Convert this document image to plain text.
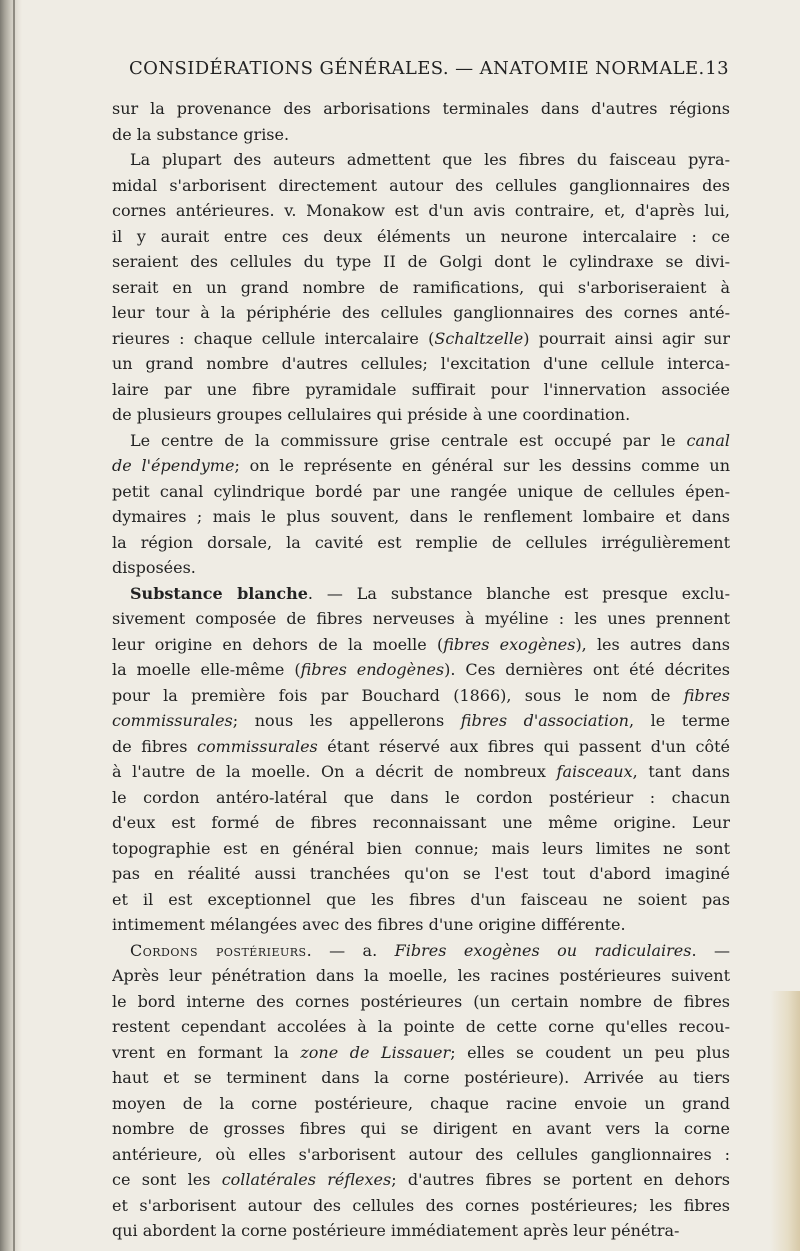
CONSIDÉRATIONS GÉNÉRALES. — ANATOMIE NORMALE. 13
sur la provenance des arborisations terminales dans d'autres régions
de la substance grise.
La plupart des auteurs admettent que les fibres du faisceau pyra-
midal s'arborisent directement autour des cellules ganglionnaires des
cornes antérieures. v. Monakow est d'un avis contraire, et, d'après lui,
il y aurait entre ces deux éléments un neurone intercalaire : ce
seraient des cellules du type II de Golgi dont le cylindraxe se divi-
serait en un grand nombre de ramifications, qui s'arboriseraient à
leur tour à la périphérie des cellules ganglionnaires des cornes anté-
rieures : chaque cellule intercalaire (Schaltzelle) pourrait ainsi agir sur
un grand nombre d'autres cellules; l'excitation d'une cellule interca-
laire par une fibre pyramidale suffirait pour l'innervation associée
de plusieurs groupes cellulaires qui préside à une coordination.
Le centre de la commissure grise centrale est occupé par le canal
de l'épendyme; on le représente en général sur les dessins comme un
petit canal cylindrique bordé par une rangée unique de cellules épen-
dymaires ; mais le plus souvent, dans le renflement lombaire et dans
la région dorsale, la cavité est remplie de cellules irrégulièrement
disposées.
Substance blanche. — La substance blanche est presque exclu-
sivement composée de fibres nerveuses à myéline : les unes prennent
leur origine en dehors de la moelle (fibres exogènes), les autres dans
la moelle elle-même (fibres endogènes). Ces dernières ont été décrites
pour la première fois par Bouchard (1866), sous le nom de fibres
commissurales; nous les appellerons fibres d'association, le terme
de fibres commissurales étant réservé aux fibres qui passent d'un côté
à l'autre de la moelle. On a décrit de nombreux faisceaux, tant dans
le cordon antéro-latéral que dans le cordon postérieur : chacun
d'eux est formé de fibres reconnaissant une même origine. Leur
topographie est en général bien connue; mais leurs limites ne sont
pas en réalité aussi tranchées qu'on se l'est tout d'abord imaginé
et il est exceptionnel que les fibres d'un faisceau ne soient pas
intimement mélangées avec des fibres d'une origine différente.
Cordons postérieurs. — a. Fibres exogènes ou radiculaires. —
Après leur pénétration dans la moelle, les racines postérieures suivent
le bord interne des cornes postérieures (un certain nombre de fibres
restent cependant accolées à la pointe de cette corne qu'elles recou-
vrent en formant la zone de Lissauer; elles se coudent un peu plus
haut et se terminent dans la corne postérieure). Arrivée au tiers
moyen de la corne postérieure, chaque racine envoie un grand
nombre de grosses fibres qui se dirigent en avant vers la corne
antérieure, où elles s'arborisent autour des cellules ganglionnaires :
ce sont les collatérales réflexes; d'autres fibres se portent en dehors
et s'arborisent autour des cellules des cornes postérieures; les fibres
qui abordent la corne postérieure immédiatement après leur pénétra-
